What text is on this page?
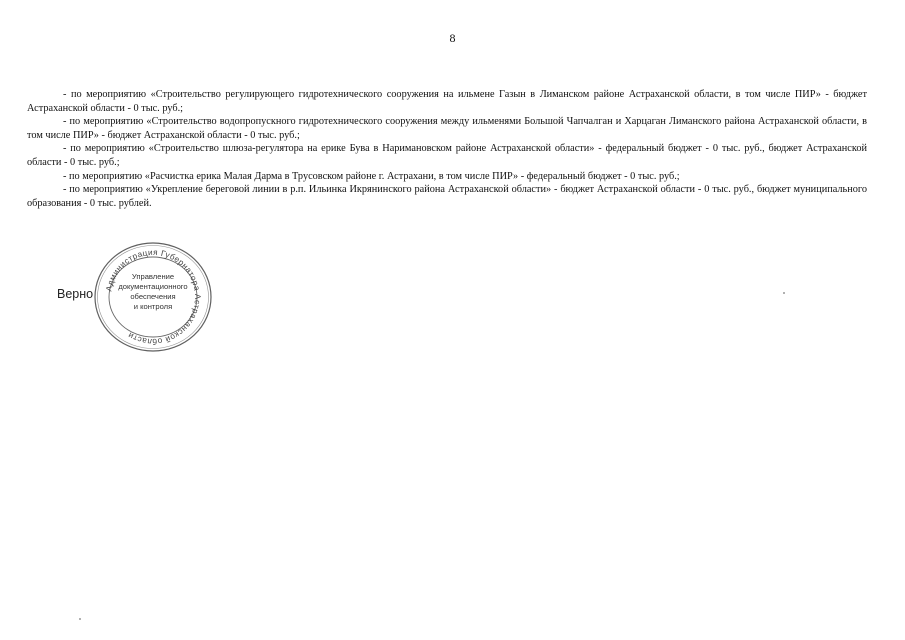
8

- по мероприятию «Строительство регулирующего гидротехнического сооружения на ильмене Газын в Лиманском районе Астраханской области, в том числе ПИР» - бюджет Астраханской области - 0 тыс. руб.;

- по мероприятию «Строительство водопропускного гидротехнического сооружения между ильменями Большой Чапчалган и Харцаган Лиманского района Астраханской области, в том числе ПИР» - бюджет Астраханской области - 0 тыс. руб.;

- по мероприятию «Строительство шлюза-регулятора на ерике Бува в Наримановском районе Астраханской области» - федеральный бюджет - 0 тыс. руб., бюджет Астраханской области - 0 тыс. руб.;

- по мероприятию «Расчистка ерика Малая Дарма в Трусовском районе г. Астрахани, в том числе ПИР» - федеральный бюджет - 0 тыс. руб.;

- по мероприятию «Укрепление береговой линии в р.п. Ильинка Икрянинского района Астраханской области» - бюджет Астраханской области - 0 тыс. руб., бюджет муниципального образования - 0 тыс. рублей.

Верно Администрация Губернатора Астраханской области
Управление
документационного
обеспечения
и контроля
